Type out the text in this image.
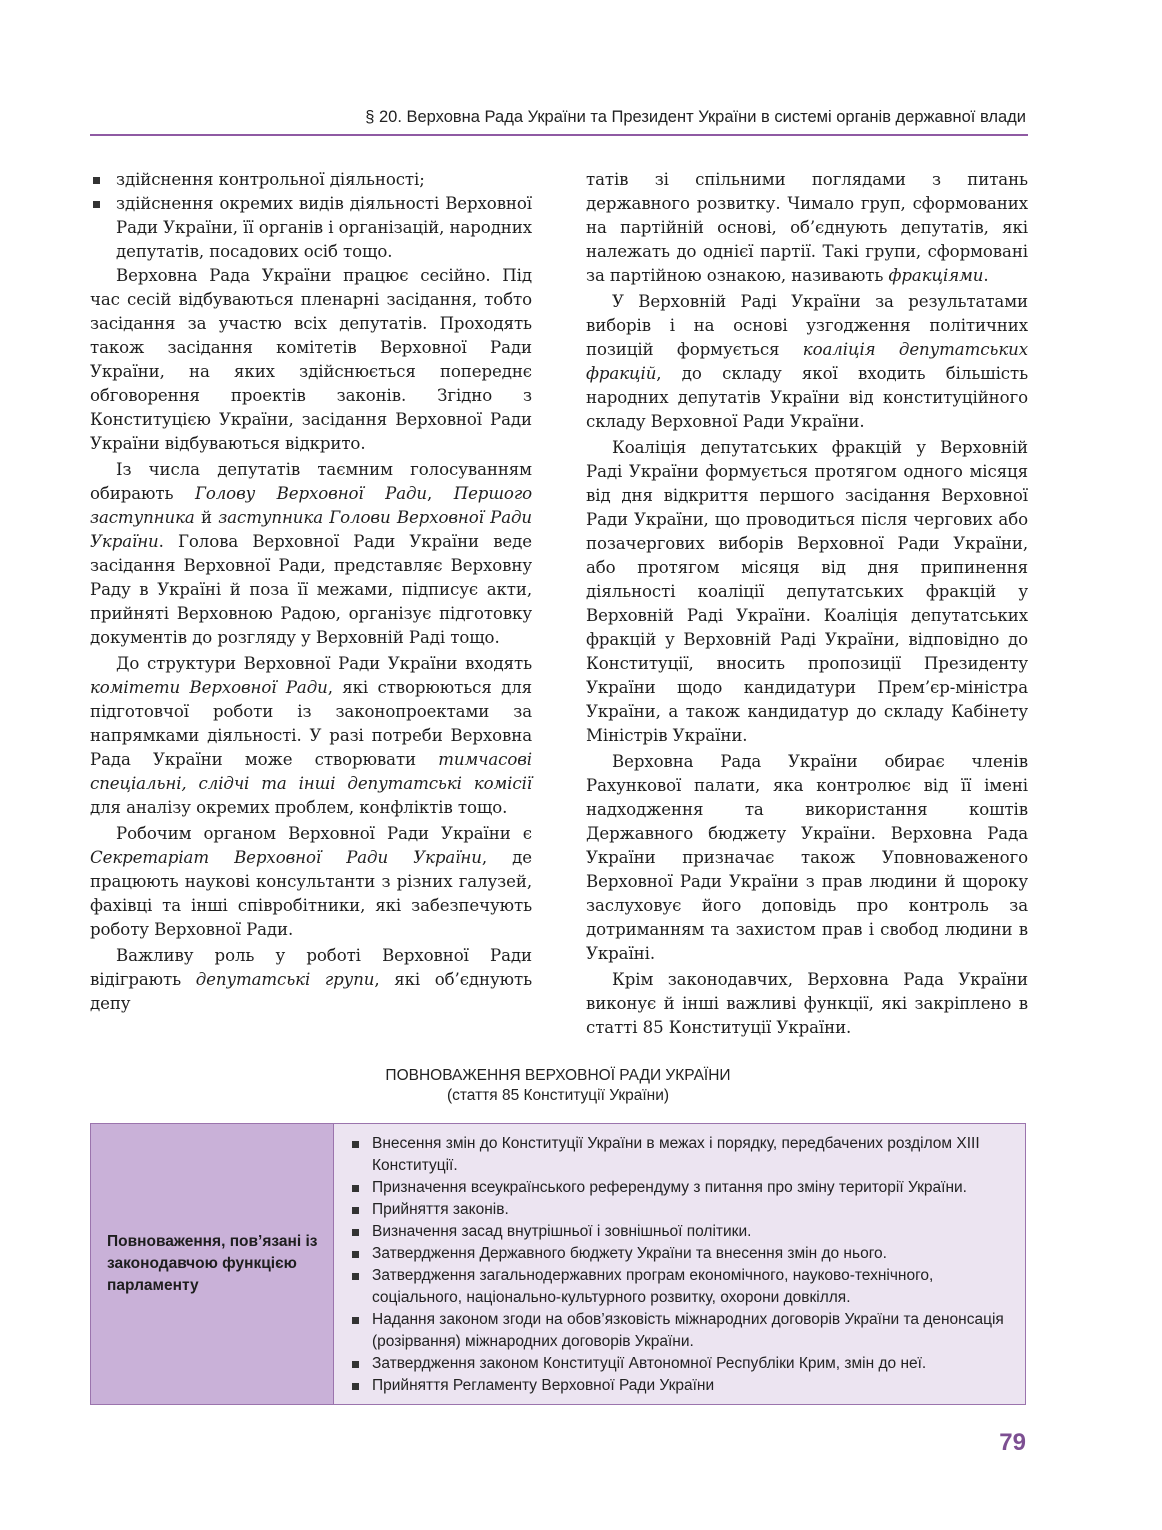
§ 20. Верховна Рада України та Президент України в системі органів державної влади
здійснення контрольної діяльності;
здійснення окремих видів діяльності Верховної Ради України, її органів і організацій, народних депутатів, посадових осіб тощо.

Верховна Рада України працює сесійно. Під час сесій відбуваються пленарні засідання, тобто засідання за участю всіх депутатів. Проходять також засідання комітетів Верховної Ради України, на яких здійснюється попереднє обговорення проектів законів. Згідно з Конституцією України, засідання Верховної Ради України відбуваються відкрито.

Із числа депутатів таємним голосуванням обирають Голову Верховної Ради, Першого заступника й заступника Голови Верховної Ради України. Голова Верховної Ради України веде засідання Верховної Ради, представляє Верховну Раду в Україні й поза її межами, підписує акти, прийняті Верховною Радою, організує підготовку документів до розгляду у Верховній Раді тощо.

До структури Верховної Ради України входять комітети Верховної Ради, які створюються для підготовчої роботи із законопроектами за напрямками діяльності. У разі потреби Верховна Рада України може створювати тимчасові спеціальні, слідчі та інші депутатські комісії для аналізу окремих проблем, конфліктів тощо.

Робочим органом Верховної Ради України є Секретаріат Верховної Ради України, де працюють наукові консультанти з різних галузей, фахівці та інші співробітники, які забезпечують роботу Верховної Ради.

Важливу роль у роботі Верховної Ради відіграють депутатські групи, які об’єднують депу

татів зі спільними поглядами з питань державного розвитку. Чимало груп, сформованих на партійній основі, об’єднують депутатів, які належать до однієї партії. Такі групи, сформовані за партійною ознакою, називають фракціями.

У Верховній Раді України за результатами виборів і на основі узгодження політичних позицій формується коаліція депутатських фракцій, до складу якої входить більшість народних депутатів України від конституційного складу Верховної Ради України.

Коаліція депутатських фракцій у Верховній Раді України формується протягом одного місяця від дня відкриття першого засідання Верховної Ради України, що проводиться після чергових або позачергових виборів Верховної Ради України, або протягом місяця від дня припинення діяльності коаліції депутатських фракцій у Верховній Раді України. Коаліція депутатських фракцій у Верховній Раді України, відповідно до Конституції, вносить пропозиції Президенту України щодо кандидатури Прем’єр-міністра України, а також кандидатур до складу Кабінету Міністрів України.

Верховна Рада України обирає членів Рахункової палати, яка контролює від її імені надходження та використання коштів Державного бюджету України. Верховна Рада України призначає також Уповноваженого Верховної Ради України з прав людини й щороку заслуховує його доповідь про контроль за дотриманням та захистом прав і свобод людини в Україні.

Крім законодавчих, Верховна Рада України виконує й інші важливі функції, які закріплено в статті 85 Конституції України.

ПОВНОВАЖЕННЯ ВЕРХОВНОЇ РАДИ УКРАЇНИ
(стаття 85 Конституції України)
Повноваження, пов’язані із законодавчою функцією парламенту
Внесення змін до Конституції України в межах і порядку, передбачених розділом XIII Конституції.
Призначення всеукраїнського референдуму з питання про зміну території України.
Прийняття законів.
Визначення засад внутрішньої і зовнішньої політики.
Затвердження Державного бюджету України та внесення змін до нього.
Затвердження загальнодержавних програм економічного, науково-технічного, соціального, національно-культурного розвитку, охорони довкілля.
Надання законом згоди на обов’язковість міжнародних договорів України та денонсація (розірвання) міжнародних договорів України.
Затвердження законом Конституції Автономної Республіки Крим, змін до неї.
Прийняття Регламенту Верховної Ради України
79
